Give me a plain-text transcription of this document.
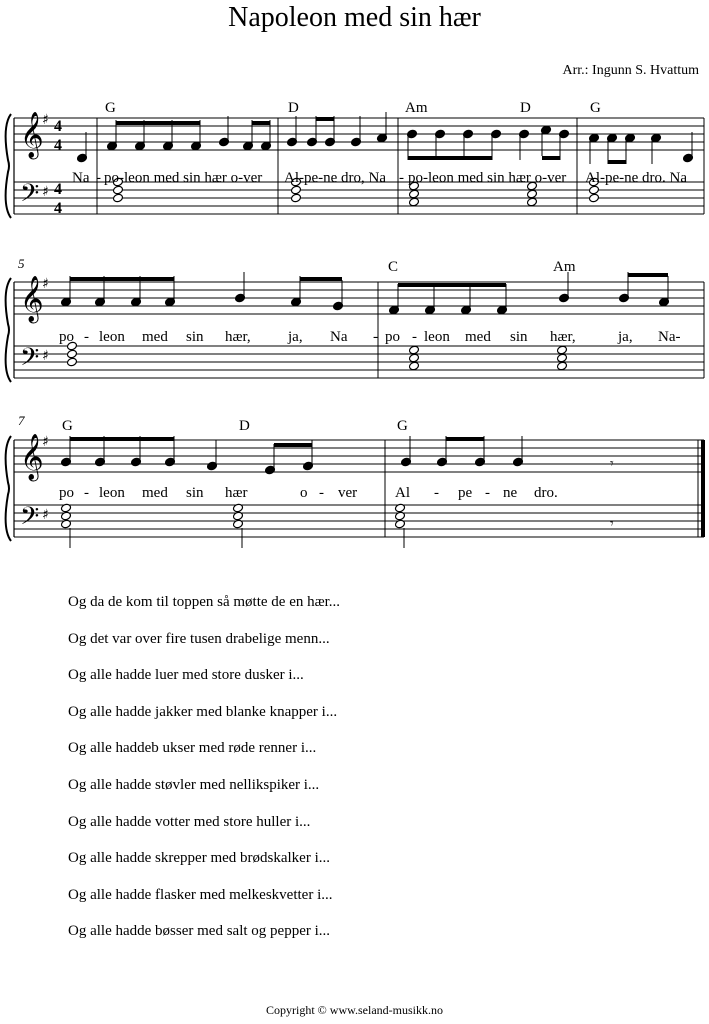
Napoleon med sin hær
Arr.: Ingunn S. Hvattum
𝄞
𝄢
♯
♯
𝄞
𝄢
♯
♯
𝄞
𝄢
♯
♯
𝄾
𝄾
4
4
4
4
5
7
G	D	Am	D	G
Na - po-leon med sin hær o-ver Al-pe-ne dro, Na - po-leon med sin hær o-ver Al-pe-ne dro. Na
C	Am
po - leon med sin hær, ja, Na - po - leon med sin hær,	ja, Na-
G	D	G
po - leon med sin hær	o - ver	Al - pe - ne dro.
Og da de kom til toppen så møtte de en hær...
Og det var over fire tusen drabelige menn...
Og alle hadde luer med store dusker i...
Og alle hadde jakker med blanke knapper i...
Og alle haddeb ukser med røde renner i...
Og alle hadde støvler med nellikspiker i...
Og alle hadde votter med store huller i...
Og alle hadde skrepper med brødskalker i...
Og alle hadde flasker med melkeskvetter i...
Og alle hadde bøsser med salt og pepper i...
Copyright © www.seland-musikk.no
